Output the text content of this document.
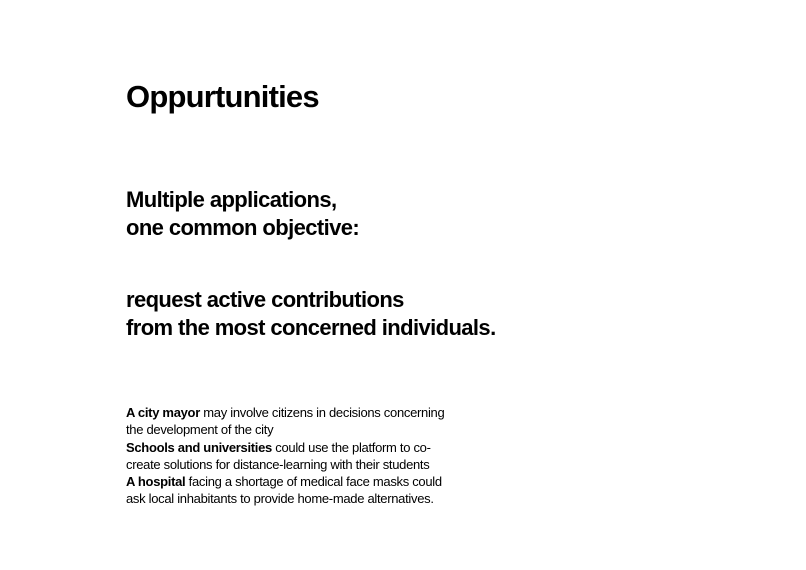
Oppurtunities
Multiple applications,
one common objective:
request active contributions
from the most concerned individuals.
A city mayor may involve citizens in decisions concerning
the development of the city
Schools and universities could use the platform to co-
create solutions for distance-learning with their students
A hospital facing a shortage of medical face masks could
ask local inhabitants to provide home-made alternatives.
